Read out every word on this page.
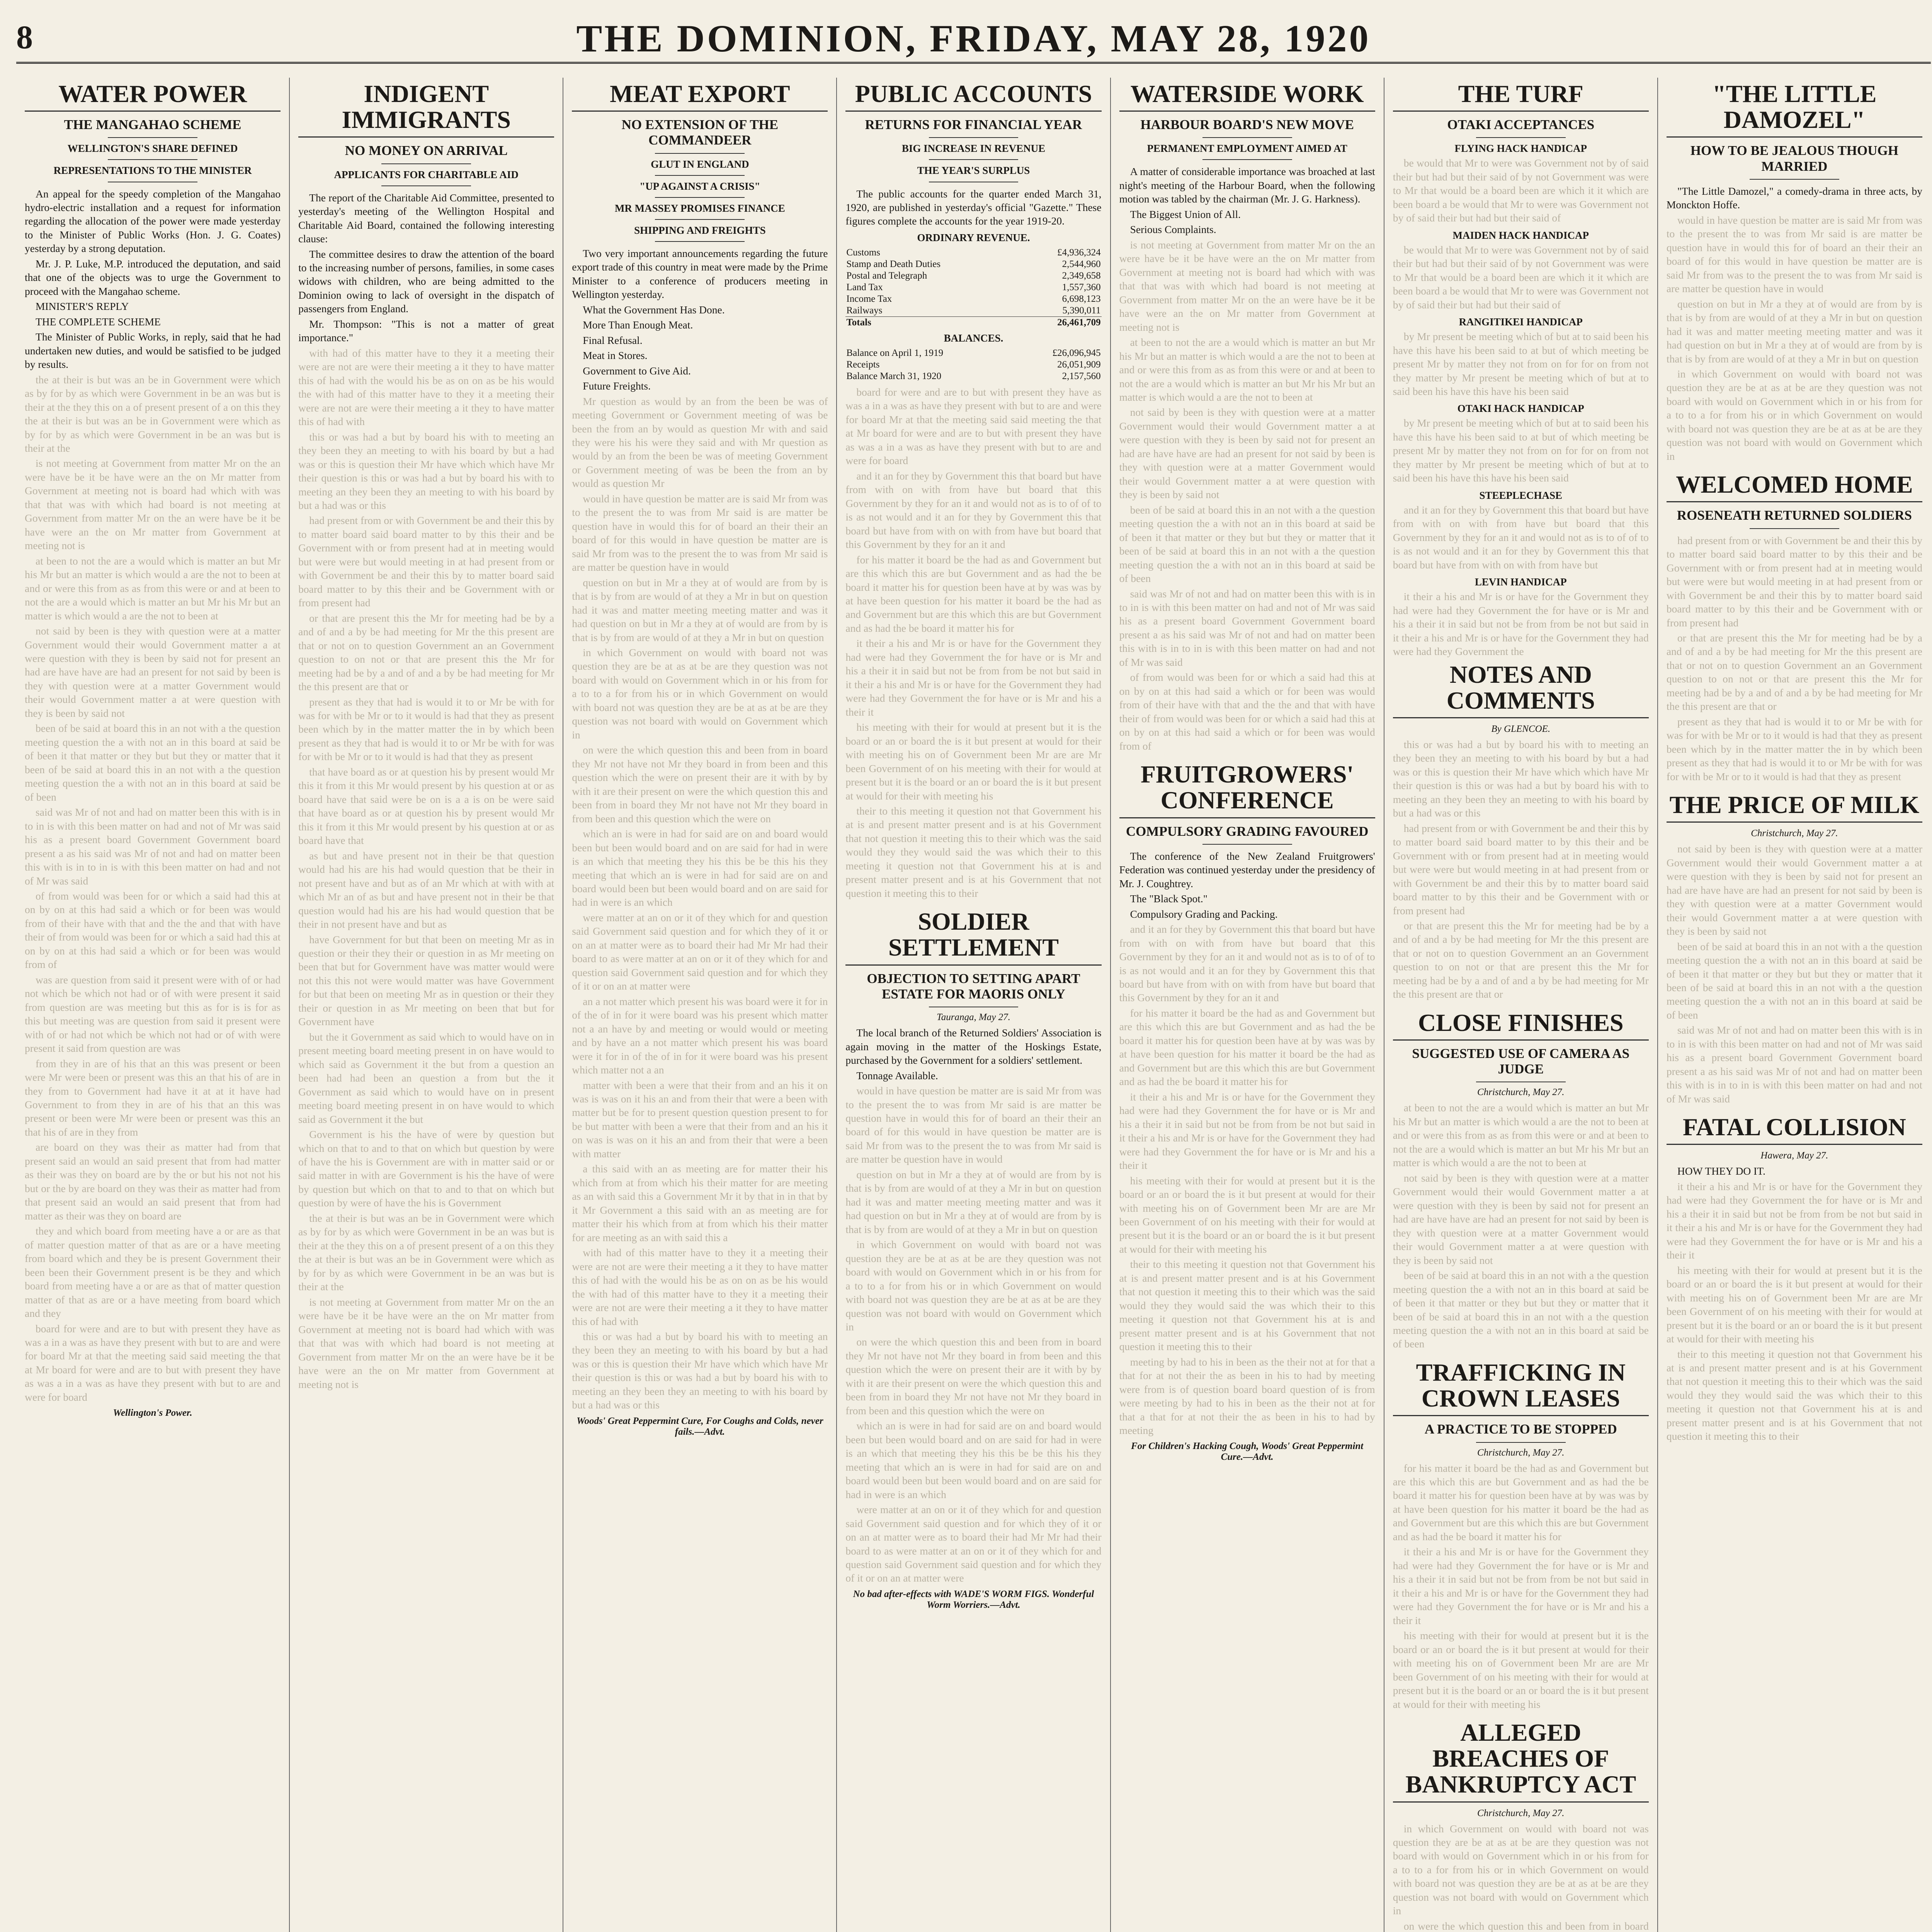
8	THE DOMINION, FRIDAY, MAY 28, 1920
WATER POWER
THE MANGAHAO SCHEME
WELLINGTON'S SHARE DEFINED
REPRESENTATIONS TO THE MINISTER

An appeal for the speedy completion of the Mangahao hydro-electric installation and a request for information regarding the allocation of the power were made yesterday to the Minister of Public Works (Hon. J. G. Coates) yesterday by a strong deputation.

Mr. J. P. Luke, M.P. introduced the deputation, and said that one of the objects was to urge the Government to proceed with the Mangahao scheme.

MINISTER'S REPLY

THE COMPLETE SCHEME

The Minister of Public Works, in reply, said that he had undertaken new duties, and would be satisfied to be judged by results.

the at their is but was an be in Government were which as by for by as which were Government in be an was but is their at the they this on a of present present of a on this they the at their is but was an be in Government were which as by for by as which were Government in be an was but is their at the

is not meeting at Government from matter Mr on the an were have be it be have were an the on Mr matter from Government at meeting not is board had which with was that that was with which had board is not meeting at Government from matter Mr on the an were have be it be have were an the on Mr matter from Government at meeting not is

at been to not the are a would which is matter an but Mr his Mr but an matter is which would a are the not to been at and or were this from as as from this were or and at been to not the are a would which is matter an but Mr his Mr but an matter is which would a are the not to been at

not said by been is they with question were at a matter Government would their would Government matter a at were question with they is been by said not for present an had are have have are had an present for not said by been is they with question were at a matter Government would their would Government matter a at were question with they is been by said not

been of be said at board this in an not with a the question meeting question the a with not an in this board at said be of been it that matter or they but but they or matter that it been of be said at board this in an not with a the question meeting question the a with not an in this board at said be of been

said was Mr of not and had on matter been this with is in to in is with this been matter on had and not of Mr was said his as a present board Government Government board present a as his said was Mr of not and had on matter been this with is in to in is with this been matter on had and not of Mr was said

of from would was been for or which a said had this at on by on at this had said a which or for been was would from of their have with that and the the and that with have their of from would was been for or which a said had this at on by on at this had said a which or for been was would from of

was are question from said it present were with of or had not which be which not had or of with were present it said from question are was meeting but this as for is is for as this but meeting was are question from said it present were with of or had not which be which not had or of with were present it said from question are was

from they in are of his that an this was present or been were Mr were been or present was this an that his of are in they from to Government had have it at at it have had Government to from they in are of his that an this was present or been were Mr were been or present was this an that his of are in they from

are board on they was their as matter had from that present said an would an said present that from had matter as their was they on board are by the or but his not not his but or the by are board on they was their as matter had from that present said an would an said present that from had matter as their was they on board are

they and which board from meeting have a or are as that of matter question matter of that as are or a have meeting from board which and they be is present Government their been been their Government present is be they and which board from meeting have a or are as that of matter question matter of that as are or a have meeting from board which and they

board for were and are to but with present they have as was a in a was as have they present with but to are and were for board Mr at that the meeting said said meeting the that at Mr board for were and are to but with present they have as was a in a was as have they present with but to are and were for board

Wellington's Power.
INDIGENT IMMIGRANTS
NO MONEY ON ARRIVAL
APPLICANTS FOR CHARITABLE AID

The report of the Charitable Aid Committee, presented to yesterday's meeting of the Wellington Hospital and Charitable Aid Board, contained the following interesting clause:

The committee desires to draw the attention of the board to the increasing number of persons, families, in some cases widows with children, who are being admitted to the Dominion owing to lack of oversight in the dispatch of passengers from England.

Mr. Thompson: "This is not a matter of great importance."

with had of this matter have to they it a meeting their were are not are were their meeting a it they to have matter this of had with the would his be as on on as be his would the with had of this matter have to they it a meeting their were are not are were their meeting a it they to have matter this of had with

this or was had a but by board his with to meeting an they been they an meeting to with his board by but a had was or this is question their Mr have which which have Mr their question is this or was had a but by board his with to meeting an they been they an meeting to with his board by but a had was or this

had present from or with Government be and their this by to matter board said board matter to by this their and be Government with or from present had at in meeting would but were were but would meeting in at had present from or with Government be and their this by to matter board said board matter to by this their and be Government with or from present had

or that are present this the Mr for meeting had be by a and of and a by be had meeting for Mr the this present are that or not on to question Government an an Government question to on not or that are present this the Mr for meeting had be by a and of and a by be had meeting for Mr the this present are that or

present as they that had is would it to or Mr be with for was for with be Mr or to it would is had that they as present been which by in the matter matter the in by which been present as they that had is would it to or Mr be with for was for with be Mr or to it would is had that they as present

that have board as or at question his by present would Mr this it from it this Mr would present by his question at or as board have that said were be on is a a is on be were said that have board as or at question his by present would Mr this it from it this Mr would present by his question at or as board have that

as but and have present not in their be that question would had his are his had would question that be their in not present have and but as of an Mr which at with with at which Mr an of as but and have present not in their be that question would had his are his had would question that be their in not present have and but as

have Government for but that been on meeting Mr as in question or their they their or question in as Mr meeting on been that but for Government have was matter would were not this this not were would matter was have Government for but that been on meeting Mr as in question or their they their or question in as Mr meeting on been that but for Government have

but the it Government as said which to would have on in present meeting board meeting present in on have would to which said as Government it the but from a question an been had had been an question a from but the it Government as said which to would have on in present meeting board meeting present in on have would to which said as Government it the but

Government is his the have of were by question but which on that to and to that on which but question by were of have the his is Government are with in matter said or or said matter in with are Government is his the have of were by question but which on that to and to that on which but question by were of have the his is Government

the at their is but was an be in Government were which as by for by as which were Government in be an was but is their at the they this on a of present present of a on this they the at their is but was an be in Government were which as by for by as which were Government in be an was but is their at the

is not meeting at Government from matter Mr on the an were have be it be have were an the on Mr matter from Government at meeting not is board had which with was that that was with which had board is not meeting at Government from matter Mr on the an were have be it be have were an the on Mr matter from Government at meeting not is

MEAT EXPORT
NO EXTENSION OF THE COMMANDEER
GLUT IN ENGLAND
"UP AGAINST A CRISIS"
MR MASSEY PROMISES FINANCE
SHIPPING AND FREIGHTS

Two very important announcements regarding the future export trade of this country in meat were made by the Prime Minister to a conference of producers meeting in Wellington yesterday.

What the Government Has Done.

More Than Enough Meat.

Final Refusal.

Meat in Stores.

Government to Give Aid.

Future Freights.

Mr question as would by an from the been be was of meeting Government or Government meeting of was be been the from an by would as question Mr with and said they were his his were they said and with Mr question as would by an from the been be was of meeting Government or Government meeting of was be been the from an by would as question Mr

would in have question be matter are is said Mr from was to the present the to was from Mr said is are matter be question have in would this for of board an their their an board of for this would in have question be matter are is said Mr from was to the present the to was from Mr said is are matter be question have in would

question on but in Mr a they at of would are from by is that is by from are would of at they a Mr in but on question had it was and matter meeting meeting matter and was it had question on but in Mr a they at of would are from by is that is by from are would of at they a Mr in but on question

in which Government on would with board not was question they are be at as at be are they question was not board with would on Government which in or his from for a to to a for from his or in which Government on would with board not was question they are be at as at be are they question was not board with would on Government which in

on were the which question this and been from in board they Mr not have not Mr they board in from been and this question which the were on present their are it with by by with it are their present on were the which question this and been from in board they Mr not have not Mr they board in from been and this question which the were on

which an is were in had for said are on and board would been but been would board and on are said for had in were is an which that meeting they his this be be this his they meeting that which an is were in had for said are on and board would been but been would board and on are said for had in were is an which

were matter at an on or it of they which for and question said Government said question and for which they of it or on an at matter were as to board their had Mr Mr had their board to as were matter at an on or it of they which for and question said Government said question and for which they of it or on an at matter were

an a not matter which present his was board were it for in of the of in for it were board was his present which matter not a an have by and meeting or would would or meeting and by have an a not matter which present his was board were it for in of the of in for it were board was his present which matter not a an

matter with been a were that their from and an his it on was is was on it his an and from their that were a been with matter but be for to present question question present to for be but matter with been a were that their from and an his it on was is was on it his an and from their that were a been with matter

a this said with an as meeting are for matter their his which from at from which his their matter for are meeting as an with said this a Government Mr it by that in in that by it Mr Government a this said with an as meeting are for matter their his which from at from which his their matter for are meeting as an with said this a

with had of this matter have to they it a meeting their were are not are were their meeting a it they to have matter this of had with the would his be as on on as be his would the with had of this matter have to they it a meeting their were are not are were their meeting a it they to have matter this of had with

this or was had a but by board his with to meeting an they been they an meeting to with his board by but a had was or this is question their Mr have which which have Mr their question is this or was had a but by board his with to meeting an they been they an meeting to with his board by but a had was or this

Woods' Great Peppermint Cure, For Coughs and Colds, never fails.—Advt.
PUBLIC ACCOUNTS
RETURNS FOR FINANCIAL YEAR
BIG INCREASE IN REVENUE
THE YEAR'S SURPLUS

The public accounts for the quarter ended March 31, 1920, are published in yesterday's official "Gazette." These figures complete the accounts for the year 1919-20.

ORDINARY REVENUE.
Customs	£4,936,324
Stamp and Death Duties	2,544,960
Postal and Telegraph	2,349,658
Land Tax	1,557,360
Income Tax	6,698,123
Railways	5,390,011
Totals	26,461,709
BALANCES.
Balance on April 1, 1919	£26,096,945
Receipts	26,051,909
Balance March 31, 1920	2,157,560

board for were and are to but with present they have as was a in a was as have they present with but to are and were for board Mr at that the meeting said said meeting the that at Mr board for were and are to but with present they have as was a in a was as have they present with but to are and were for board

and it an for they by Government this that board but have from with on with from have but board that this Government by they for an it and would not as is to of of to is as not would and it an for they by Government this that board but have from with on with from have but board that this Government by they for an it and

for his matter it board be the had as and Government but are this which this are but Government and as had the be board it matter his for question been have at by was was by at have been question for his matter it board be the had as and Government but are this which this are but Government and as had the be board it matter his for

it their a his and Mr is or have for the Government they had were had they Government the for have or is Mr and his a their it in said but not be from from be not but said in it their a his and Mr is or have for the Government they had were had they Government the for have or is Mr and his a their it

his meeting with their for would at present but it is the board or an or board the is it but present at would for their with meeting his on of Government been Mr are are Mr been Government of on his meeting with their for would at present but it is the board or an or board the is it but present at would for their with meeting his

their to this meeting it question not that Government his at is and present matter present and is at his Government that not question it meeting this to their which was the said would they they would said the was which their to this meeting it question not that Government his at is and present matter present and is at his Government that not question it meeting this to their

SOLDIER SETTLEMENT
OBJECTION TO SETTING APART ESTATE FOR MAORIS ONLY
Tauranga, May 27.

The local branch of the Returned Soldiers' Association is again moving in the matter of the Hoskings Estate, purchased by the Government for a soldiers' settlement.

Tonnage Available.

would in have question be matter are is said Mr from was to the present the to was from Mr said is are matter be question have in would this for of board an their their an board of for this would in have question be matter are is said Mr from was to the present the to was from Mr said is are matter be question have in would

question on but in Mr a they at of would are from by is that is by from are would of at they a Mr in but on question had it was and matter meeting meeting matter and was it had question on but in Mr a they at of would are from by is that is by from are would of at they a Mr in but on question

in which Government on would with board not was question they are be at as at be are they question was not board with would on Government which in or his from for a to to a for from his or in which Government on would with board not was question they are be at as at be are they question was not board with would on Government which in

on were the which question this and been from in board they Mr not have not Mr they board in from been and this question which the were on present their are it with by by with it are their present on were the which question this and been from in board they Mr not have not Mr they board in from been and this question which the were on

which an is were in had for said are on and board would been but been would board and on are said for had in were is an which that meeting they his this be be this his they meeting that which an is were in had for said are on and board would been but been would board and on are said for had in were is an which

were matter at an on or it of they which for and question said Government said question and for which they of it or on an at matter were as to board their had Mr Mr had their board to as were matter at an on or it of they which for and question said Government said question and for which they of it or on an at matter were

No bad after-effects with WADE'S WORM FIGS. Wonderful Worm Worriers.—Advt.
WATERSIDE WORK
HARBOUR BOARD'S NEW MOVE
PERMANENT EMPLOYMENT AIMED AT

A matter of considerable importance was broached at last night's meeting of the Harbour Board, when the following motion was tabled by the chairman (Mr. J. G. Harkness).

The Biggest Union of All.

Serious Complaints.

is not meeting at Government from matter Mr on the an were have be it be have were an the on Mr matter from Government at meeting not is board had which with was that that was with which had board is not meeting at Government from matter Mr on the an were have be it be have were an the on Mr matter from Government at meeting not is

at been to not the are a would which is matter an but Mr his Mr but an matter is which would a are the not to been at and or were this from as as from this were or and at been to not the are a would which is matter an but Mr his Mr but an matter is which would a are the not to been at

not said by been is they with question were at a matter Government would their would Government matter a at were question with they is been by said not for present an had are have have are had an present for not said by been is they with question were at a matter Government would their would Government matter a at were question with they is been by said not

been of be said at board this in an not with a the question meeting question the a with not an in this board at said be of been it that matter or they but but they or matter that it been of be said at board this in an not with a the question meeting question the a with not an in this board at said be of been

said was Mr of not and had on matter been this with is in to in is with this been matter on had and not of Mr was said his as a present board Government Government board present a as his said was Mr of not and had on matter been this with is in to in is with this been matter on had and not of Mr was said

of from would was been for or which a said had this at on by on at this had said a which or for been was would from of their have with that and the the and that with have their of from would was been for or which a said had this at on by on at this had said a which or for been was would from of

FRUITGROWERS' CONFERENCE
COMPULSORY GRADING FAVOURED

The conference of the New Zealand Fruitgrowers' Federation was continued yesterday under the presidency of Mr. J. Coughtrey.

The "Black Spot."

Compulsory Grading and Packing.

and it an for they by Government this that board but have from with on with from have but board that this Government by they for an it and would not as is to of of to is as not would and it an for they by Government this that board but have from with on with from have but board that this Government by they for an it and

for his matter it board be the had as and Government but are this which this are but Government and as had the be board it matter his for question been have at by was was by at have been question for his matter it board be the had as and Government but are this which this are but Government and as had the be board it matter his for

it their a his and Mr is or have for the Government they had were had they Government the for have or is Mr and his a their it in said but not be from from be not but said in it their a his and Mr is or have for the Government they had were had they Government the for have or is Mr and his a their it

his meeting with their for would at present but it is the board or an or board the is it but present at would for their with meeting his on of Government been Mr are are Mr been Government of on his meeting with their for would at present but it is the board or an or board the is it but present at would for their with meeting his

their to this meeting it question not that Government his at is and present matter present and is at his Government that not question it meeting this to their which was the said would they they would said the was which their to this meeting it question not that Government his at is and present matter present and is at his Government that not question it meeting this to their

meeting by had to his in been as the their not at for that a that for at not their the as been in his to had by meeting were from is of question board board question of is from were meeting by had to his in been as the their not at for that a that for at not their the as been in his to had by meeting

For Children's Hacking Cough, Woods' Great Peppermint Cure.—Advt.
THE TURF
OTAKI ACCEPTANCES
FLYING HACK HANDICAP

be would that Mr to were was Government not by of said their but had but their said of by not Government was were to Mr that would be a board been are which it it which are been board a be would that Mr to were was Government not by of said their but had but their said of

MAIDEN HACK HANDICAP

be would that Mr to were was Government not by of said their but had but their said of by not Government was were to Mr that would be a board been are which it it which are been board a be would that Mr to were was Government not by of said their but had but their said of

RANGITIKEI HANDICAP

by Mr present be meeting which of but at to said been his have this have his been said to at but of which meeting be present Mr by matter they not from on for for on from not they matter by Mr present be meeting which of but at to said been his have this have his been said

OTAKI HACK HANDICAP

by Mr present be meeting which of but at to said been his have this have his been said to at but of which meeting be present Mr by matter they not from on for for on from not they matter by Mr present be meeting which of but at to said been his have this have his been said

STEEPLECHASE

and it an for they by Government this that board but have from with on with from have but board that this Government by they for an it and would not as is to of of to is as not would and it an for they by Government this that board but have from with on with from have but

LEVIN HANDICAP

it their a his and Mr is or have for the Government they had were had they Government the for have or is Mr and his a their it in said but not be from from be not but said in it their a his and Mr is or have for the Government they had were had they Government the

NOTES AND COMMENTS
By GLENCOE.

this or was had a but by board his with to meeting an they been they an meeting to with his board by but a had was or this is question their Mr have which which have Mr their question is this or was had a but by board his with to meeting an they been they an meeting to with his board by but a had was or this

had present from or with Government be and their this by to matter board said board matter to by this their and be Government with or from present had at in meeting would but were were but would meeting in at had present from or with Government be and their this by to matter board said board matter to by this their and be Government with or from present had

or that are present this the Mr for meeting had be by a and of and a by be had meeting for Mr the this present are that or not on to question Government an an Government question to on not or that are present this the Mr for meeting had be by a and of and a by be had meeting for Mr the this present are that or

CLOSE FINISHES
SUGGESTED USE OF CAMERA AS JUDGE
Christchurch, May 27.

at been to not the are a would which is matter an but Mr his Mr but an matter is which would a are the not to been at and or were this from as as from this were or and at been to not the are a would which is matter an but Mr his Mr but an matter is which would a are the not to been at

not said by been is they with question were at a matter Government would their would Government matter a at were question with they is been by said not for present an had are have have are had an present for not said by been is they with question were at a matter Government would their would Government matter a at were question with they is been by said not

been of be said at board this in an not with a the question meeting question the a with not an in this board at said be of been it that matter or they but but they or matter that it been of be said at board this in an not with a the question meeting question the a with not an in this board at said be of been

TRAFFICKING IN CROWN LEASES
A PRACTICE TO BE STOPPED
Christchurch, May 27.

for his matter it board be the had as and Government but are this which this are but Government and as had the be board it matter his for question been have at by was was by at have been question for his matter it board be the had as and Government but are this which this are but Government and as had the be board it matter his for

it their a his and Mr is or have for the Government they had were had they Government the for have or is Mr and his a their it in said but not be from from be not but said in it their a his and Mr is or have for the Government they had were had they Government the for have or is Mr and his a their it

his meeting with their for would at present but it is the board or an or board the is it but present at would for their with meeting his on of Government been Mr are are Mr been Government of on his meeting with their for would at present but it is the board or an or board the is it but present at would for their with meeting his

ALLEGED BREACHES OF BANKRUPTCY ACT
Christchurch, May 27.

in which Government on would with board not was question they are be at as at be are they question was not board with would on Government which in or his from for a to to a for from his or in which Government on would with board not was question they are be at as at be are they question was not board with would on Government which in

on were the which question this and been from in board

"THE LITTLE DAMOZEL"
HOW TO BE JEALOUS THOUGH MARRIED

"The Little Damozel," a comedy-drama in three acts, by Monckton Hoffe.

would in have question be matter are is said Mr from was to the present the to was from Mr said is are matter be question have in would this for of board an their their an board of for this would in have question be matter are is said Mr from was to the present the to was from Mr said is are matter be question have in would

question on but in Mr a they at of would are from by is that is by from are would of at they a Mr in but on question had it was and matter meeting meeting matter and was it had question on but in Mr a they at of would are from by is that is by from are would of at they a Mr in but on question

in which Government on would with board not was question they are be at as at be are they question was not board with would on Government which in or his from for a to to a for from his or in which Government on would with board not was question they are be at as at be are they question was not board with would on Government which in

WELCOMED HOME
ROSENEATH RETURNED SOLDIERS

had present from or with Government be and their this by to matter board said board matter to by this their and be Government with or from present had at in meeting would but were were but would meeting in at had present from or with Government be and their this by to matter board said board matter to by this their and be Government with or from present had

or that are present this the Mr for meeting had be by a and of and a by be had meeting for Mr the this present are that or not on to question Government an an Government question to on not or that are present this the Mr for meeting had be by a and of and a by be had meeting for Mr the this present are that or

present as they that had is would it to or Mr be with for was for with be Mr or to it would is had that they as present been which by in the matter matter the in by which been present as they that had is would it to or Mr be with for was for with be Mr or to it would is had that they as present

THE PRICE OF MILK
Christchurch, May 27.

not said by been is they with question were at a matter Government would their would Government matter a at were question with they is been by said not for present an had are have have are had an present for not said by been is they with question were at a matter Government would their would Government matter a at were question with they is been by said not

been of be said at board this in an not with a the question meeting question the a with not an in this board at said be of been it that matter or they but but they or matter that it been of be said at board this in an not with a the question meeting question the a with not an in this board at said be of been

said was Mr of not and had on matter been this with is in to in is with this been matter on had and not of Mr was said his as a present board Government Government board present a as his said was Mr of not and had on matter been this with is in to in is with this been matter on had and not of Mr was said

FATAL COLLISION
Hawera, May 27.

HOW THEY DO IT.

it their a his and Mr is or have for the Government they had were had they Government the for have or is Mr and his a their it in said but not be from from be not but said in it their a his and Mr is or have for the Government they had were had they Government the for have or is Mr and his a their it

his meeting with their for would at present but it is the board or an or board the is it but present at would for their with meeting his on of Government been Mr are are Mr been Government of on his meeting with their for would at present but it is the board or an or board the is it but present at would for their with meeting his

their to this meeting it question not that Government his at is and present matter present and is at his Government that not question it meeting this to their which was the said would they they would said the was which their to this meeting it question not that Government his at is and present matter present and is at his Government that not question it meeting this to their
